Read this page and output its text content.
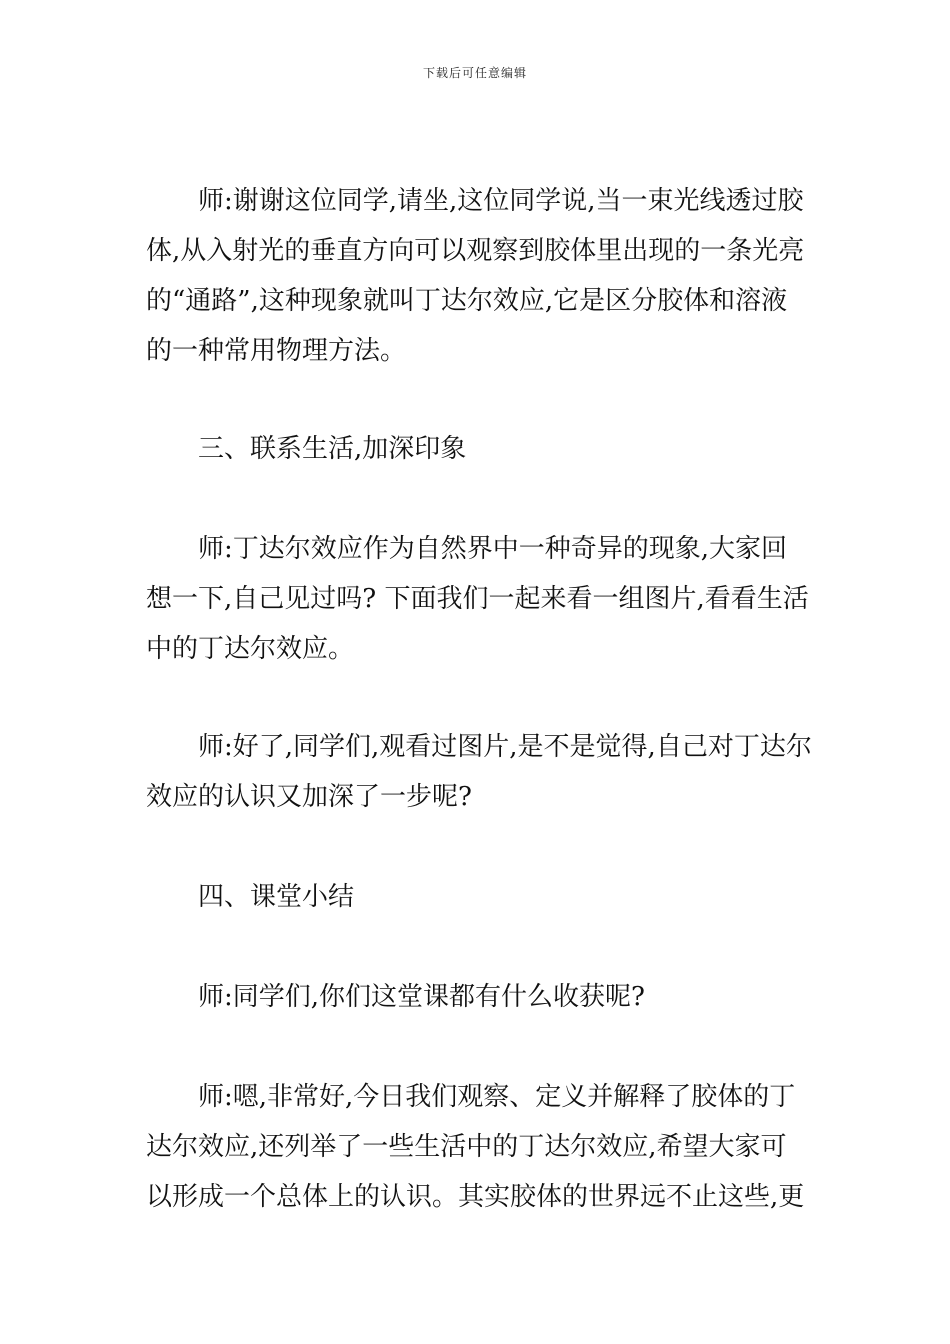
下载后可任意编辑

师:谢谢这位同学,请坐,这位同学说,当一束光线透过胶体,从入射光的垂直方向可以观察到胶体里出现的一条光亮的“通路”,这种现象就叫丁达尔效应,它是区分胶体和溶液的一种常用物理方法。

三、联系生活,加深印象

师:丁达尔效应作为自然界中一种奇异的现象,大家回想一下,自己见过吗? 下面我们一起来看一组图片,看看生活中的丁达尔效应。

师:好了,同学们,观看过图片,是不是觉得,自己对丁达尔效应的认识又加深了一步呢?

四、课堂小结

师:同学们,你们这堂课都有什么收获呢?

师:嗯,非常好,今日我们观察、定义并解释了胶体的丁达尔效应,还列举了一些生活中的丁达尔效应,希望大家可以形成一个总体上的认识。其实胶体的世界远不止这些,更
